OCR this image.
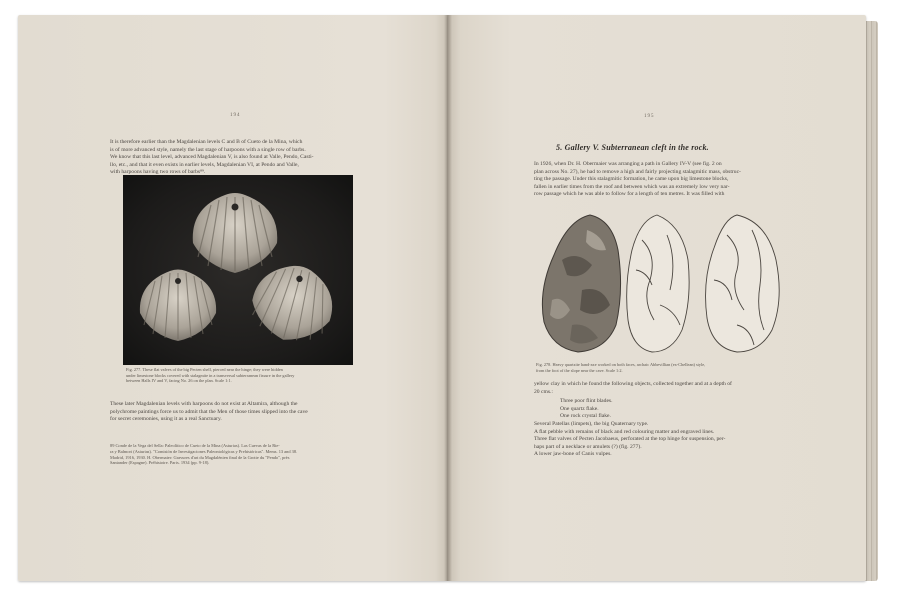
194
It is therefore earlier than the Magdalenian levels C and B of Cueto de la Mina, which
is of more advanced style, namely the last stage of harpoons with a single row of barbs.
We know that this last level, advanced Magdalenian V, is also found at Valle, Pendo, Casti-
llo, etc., and that it even exists in earlier levels, Magdalenian VI, at Pendo and Valle,
with harpoons having two rows of barbs⁸⁹.
Fig. 277. These flat valves of the big Pecten shell, pierced near the hinge; they were hidden
under limestone blocks covered with stalagmite in a transversal subterranean fissure in the gallery
between Halls IV and V, facing No. 26 on the plan. Scale 1:1.
These later Magdalenian levels with harpoons do not exist at Altamira, although the
polychrome paintings force us to admit that the Men of those times slipped into the cave
for secret ceremonies, using it as a real Sanctuary.
89 Conde de la Vega del Sella: Paleolítico de Cueto de la Mina (Asturias). Las Cuevas de la Rie-
ra y Balmori (Asturias). "Comisión de Investigaciones Paleontológicas y Prehistóricas". Mems. 13 and 38.
Madrid, 1916, 1930. H. Obermaier: Gravures d'art du Magdalénien final de la Grotte du "Pendo", près
Santander (Espagne). Préhistoire. Paris. 1934 (pp. 9-18).
195
5. Gallery V. Subterranean cleft in the rock.
In 1926, when Dr. H. Obermaier was arranging a path in Gallery IV-V (see fig. 2 on
plan across No. 27), he had to remove a high and fairly projecting stalagmitic mass, obstruc-
ting the passage. Under this stalagmitic formation, he came upon big limestone blocks,
fallen in earlier times from the roof and between which was an extremely low very nar-
row passage which he was able to follow for a length of ten metres. It was filled with
Fig. 278. Heavy quartzite hand-axe worked on both faces, archaic Abbevillian (ex-Chellean) style,
from the foot of the slope near the cave. Scale 1:2.
yellow clay in which he found the following objects, collected together and at a depth of
20 cms.:
Three poor flint blades.
One quartz flake.
One rock crystal flake.
Several Patellas (limpets), the big Quaternary type.
A flat pebble with remains of black and red colouring matter and engraved lines.
Three flat valves of Pecten Jacobaeus, perforated at the top hinge for suspension, per-
haps part of a necklace or amulets (?) (fig. 277).
A lower jaw-bone of Canis vulpes.
